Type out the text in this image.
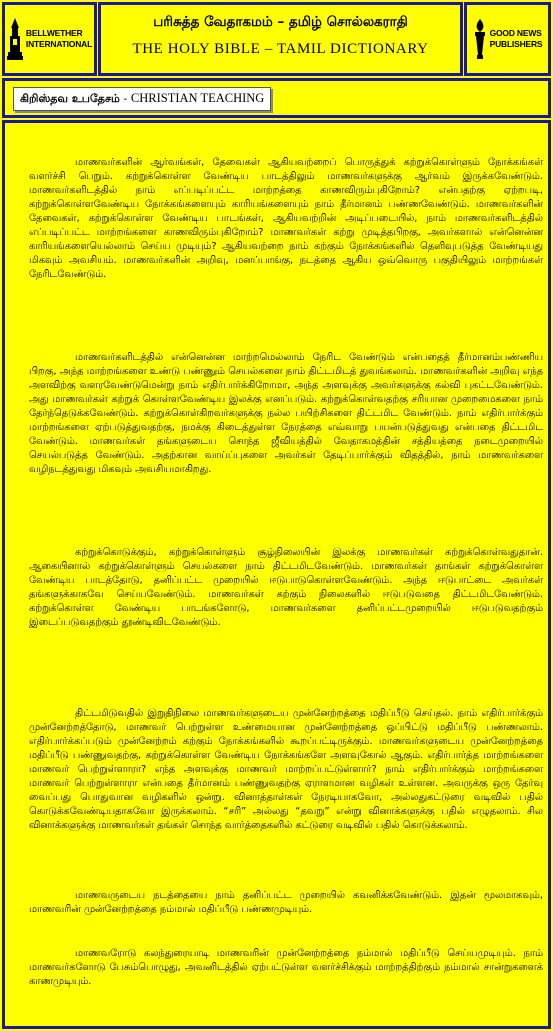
BELLWETHER
INTERNATIONAL
பரிசுத்த வேதாகமம் – தமிழ் சொல்லகராதி
THE HOLY BIBLE – TAMIL DICTIONARY
GOOD NEWS
PUBLISHERS
கிறிஸ்தவ உபதேசம் - CHRISTIAN TEACHING

மாணவர்களின் ஆர்வங்கள், தேவைகள் ஆகியவற்றைப் பொருத்துக் கற்றுக்கொள்ளும் நோக்கங்கள் வளர்ச்சி பெறும். கற்றுக்கொள்ள வேண்டிய பாடத்திலும் மாணவர்களுக்கு ஆர்வம் இருக்கவேண்டும். மாணவர்களிடத்தில் நாம் எப்படிப்பட்ட மாற்றத்தை காணவிரும்புகிறோம்? என்பதற்கு ஏற்றபடி, கற்றுக்கொள்ளவேண்டிய நோக்கங்களையும் காரியங்களையும் நாம் தீர்மானம் பண்ணவேண்டும். மாணவர்களின் தேவைகள், கற்றுக்கொள்ள வேண்டிய பாடங்கள், ஆகியவற்றின் அடிப்படையில், நாம் மாணவர்களிடத்தில் எப்படிப்பட்ட மாற்றங்களை காணவிரும்புகிறோம்? மாணவர்கள் கற்று முடித்தபிறகு, அவர்களால் என்னென்ன காரியங்களையெல்லாம் செய்ய முடியும்? ஆகியவற்றை நாம் கற்கும் நோக்கங்களில் தெளிவுபடுத்த வேண்டியது மிகவும் அவசியம். மாணவர்களின் அறிவு, மனப்பாங்கு, நடத்தை ஆகிய ஒவ்வொரு பகுதியிலும் மாற்றங்கள் நேரிடவேண்டும்.

மாணவர்களிடத்தில் என்னென்ன மாற்றமெல்லாம் நேரிட வேண்டும் என்பதைத் தீர்மானம்பண்ணிய பிறகு, அந்த மாற்றங்களை உண்டு பண்ணும் செயல்களை நாம் திட்டமிடத் துவங்கலாம். மாணவர்களின் அறிவு எந்த அளவிற்கு வளரவேண்டுமென்று நாம் எதிர்பார்க்கிறோமா, அந்த அளவுக்கு அவர்களுக்கு கல்வி புகட்டவேண்டும். அது மாணவர்கள் கற்றுக் கொள்ளவேண்டிய இலக்கு எனப்படும். கற்றுக்கொள்வதற்கு சரியான முறைமைகளை நாம் தேர்ந்தெடுக்கவேண்டும். கற்றுக்கொள்கிறவர்களுக்கு நல்ல பயிற்சிகளை திட்டமிட வேண்டும். நாம் எதிர்பார்க்கும் மாற்றங்களை ஏற்படுத்துவதற்கு, நமக்கு கிடைத்துள்ள நேரத்தை எவ்வாறு பயன்படுத்துவது என்பதை திட்டமிட வேண்டும். மாணவர்கள் தங்களுடைய சொந்த ஜீவியத்தில் வேதாகமத்தின் சத்தியத்தை நடைமுறையில் செயல்படுத்த வேண்டும். அதற்கான வாய்ப்புகளை அவர்கள் தேடிப்பார்க்கும் விதத்தில், நாம் மாணவர்களை வழிநடத்துவது மிகவும் அவசியமாகிறது.

கற்றுக்கொடுக்கும், கற்றுக்கொள்ளும் சூழ்நிலையின் இலக்கு மாணவர்கள் கற்றுக்கொள்வதுதான். ஆகையினால் கற்றுக்கொள்ளும் செயல்களை நாம் திட்டமிடவேண்டும். மாணவர்கள் தாங்கள் கற்றுக்கொள்ள வேண்டிய பாடத்தோடு, தனிப்பட்ட முறையில் ஈடுபாடுகொள்ளவேண்டும். அந்த ஈடுபாட்டை அவர்கள் தங்களுக்காகவே செய்யவேண்டும். மாணவர்கள் கற்கும் நிலைகளில் ஈடுபடுவதை திட்டமிடவேண்டும். கற்றுக்கொள்ள வேண்டிய பாடங்களோடு, மாணவர்களை தனிப்பட்டமுறையில் ஈடுபடுவதற்கும் இடைப்படுவதற்கும் தூண்டிவிடவேண்டும்.

திட்டமிடுவதில் இறுதிநிலை மாணவர்களுடைய முன்னேற்றத்தை மதிப்பீடு செய்தல். நாம் எதிர்பார்க்கும் முன்னேற்றத்தோடு, மாணவர் பெற்றுள்ள உண்மையான முன்னேற்றத்தை ஒப்பிட்டு மதிப்பீடு பண்ணலாம். எதிர்பார்க்கப்படும் முன்னேற்றம் கற்கும் நோக்கங்களில் கூறப்பட்டிருக்கும். மாணவர்களுடைய முன்னேற்றத்தை மதிப்பீடு பண்ணுவதற்கு, கற்றுக்கொள்ள வேண்டிய நோக்கங்களே அளவுகோல் ஆகும். எதிர்பார்த்த மாற்றங்களை மாணவர் பெற்றுள்ளாரா? எந்த அளவுக்கு மாணவர் மாற்றப்பட்டுள்ளார்? நாம் எதிர்பார்க்கும் மாற்றங்களை மாணவர் பெற்றுள்ளாரா என்பதை தீர்மானம் பண்ணுவதற்கு ஏராளமான வழிகள் உள்ளன. அவருக்கு ஒரு தேர்வு வைப்பது பொதுவான வழிகளில் ஒன்று. வினாத்தாள்கள் நேரடியாகவோ, அல்லதுகட்டுரை வடிவில் பதில் கொடுக்கவேண்டியதாகவோ இருக்கலாம். “சரி” அல்லது “தவறு” என்று வினாக்களுக்கு பதில் எழுதலாம். சில வினாக்களுக்கு மாணவர்கள் தங்கள் சொந்த வார்த்தைகளில் கட்டுரை வடிவில் பதில் கொடுக்கலாம்.

மாணவருடைய நடத்தையை நாம் தனிப்பட்ட முறையில் கவனிக்கவேண்டும். இதன் மூலமாகவும், மாணவரின் முன்னேற்றத்தை நம்மால் மதிப்பீடு பண்ணமுடியும்.

மாணவரோடு கலந்துரையாடி மாணவரின் முன்னேற்றத்தை நம்மால் மதிப்பீடு செய்யமுடியும். நாம் மாணவர்களோடு பேசும்பொழுது, அவனிடத்தில் ஏற்பட்டுள்ள வளர்ச்சிக்கும் மாற்றத்திற்கும் நம்மால் சான்றுகளைக் காணமுடியும்.
